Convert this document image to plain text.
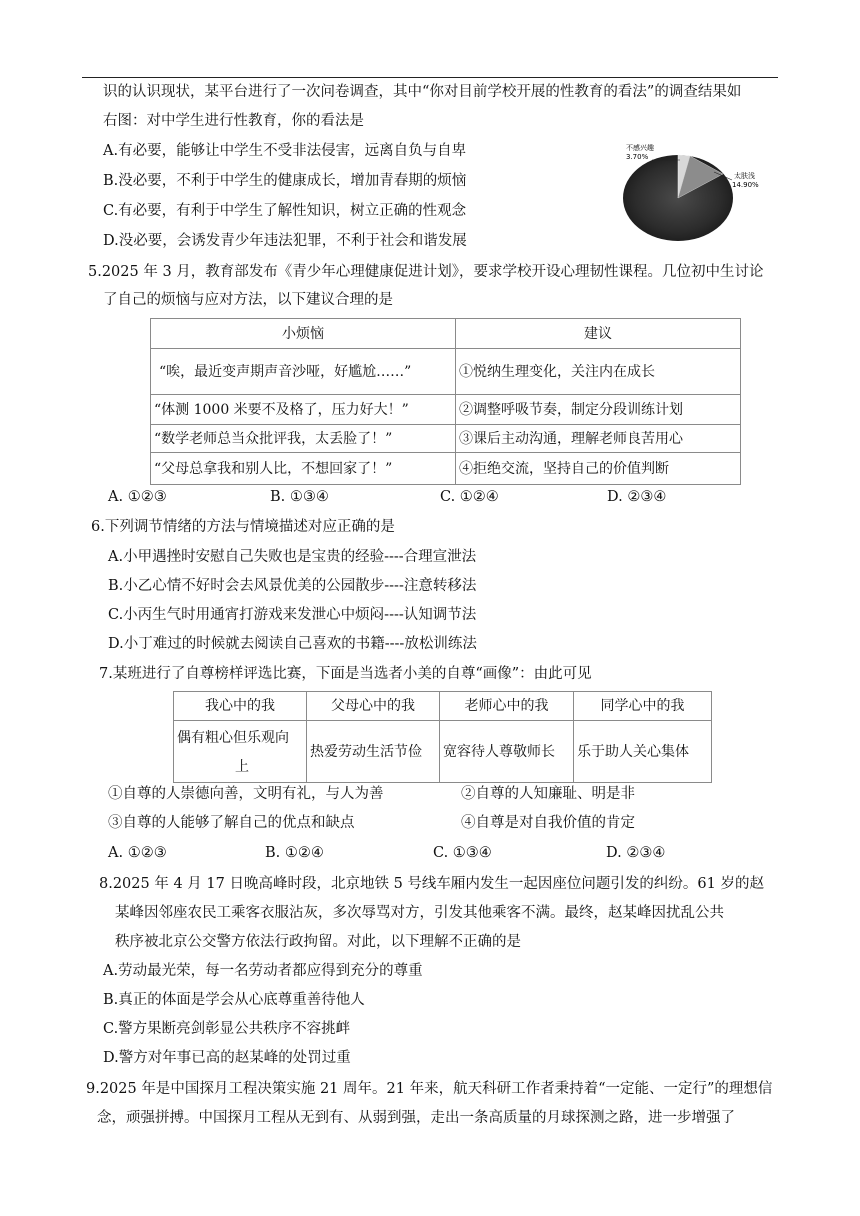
识的认识现状，某平台进行了一次问卷调查，其中“你对目前学校开展的性教育的看法”的调查结果如
右图：对中学生进行性教育，你的看法是
A.有必要，能够让中学生不受非法侵害，远离自负与自卑
B.没必要，不利于中学生的健康成长，增加青春期的烦恼
C.有必要，有利于中学生了解性知识，树立正确的性观念
D.没必要，会诱发青少年违法犯罪，不利于社会和谐发展
不感兴趣
3.70%
太肤浅
14.90%
5.2025 年 3 月，教育部发布《青少年心理健康促进计划》，要求学校开设心理韧性课程。几位初中生讨论
了自己的烦恼与应对方法，以下建议合理的是
小烦恼	建议
“唉，最近变声期声音沙哑，好尴尬……”	①悦纳生理变化，关注内在成长
“体测 1000 米要不及格了，压力好大！”	②调整呼吸节奏，制定分段训练计划
“数学老师总当众批评我，太丢脸了！”	③课后主动沟通，理解老师良苦用心
“父母总拿我和别人比，不想回家了！”	④拒绝交流，坚持自己的价值判断
A. ①②③	B. ①③④	C. ①②④	D. ②③④
6.下列调节情绪的方法与情境描述对应正确的是
A.小甲遇挫时安慰自己失败也是宝贵的经验----合理宣泄法
B.小乙心情不好时会去风景优美的公园散步----注意转移法
C.小丙生气时用通宵打游戏来发泄心中烦闷----认知调节法
D.小丁难过的时候就去阅读自己喜欢的书籍----放松训练法
7.某班进行了自尊榜样评选比赛，下面是当选者小美的自尊“画像”：由此可见
我心中的我	父母心中的我	老师心中的我	同学心中的我

偶有粗心但乐观向
上	热爱劳动生活节俭	宽容待人尊敬师长	乐于助人关心集体
①自尊的人崇德向善，文明有礼，与人为善	②自尊的人知廉耻、明是非
③自尊的人能够了解自己的优点和缺点	④自尊是对自我价值的肯定
A. ①②③	B. ①②④	C. ①③④	D. ②③④
8.2025 年 4 月 17 日晚高峰时段，北京地铁 5 号线车厢内发生一起因座位问题引发的纠纷。61 岁的赵
某峰因邻座农民工乘客衣服沾灰，多次辱骂对方，引发其他乘客不满。最终，赵某峰因扰乱公共
秩序被北京公交警方依法行政拘留。对此，以下理解不正确的是
A.劳动最光荣，每一名劳动者都应得到充分的尊重
B.真正的体面是学会从心底尊重善待他人
C.警方果断亮剑彰显公共秩序不容挑衅
D.警方对年事已高的赵某峰的处罚过重
9.2025 年是中国探月工程决策实施 21 周年。21 年来，航天科研工作者秉持着“一定能、一定行”的理想信
念，顽强拼搏。中国探月工程从无到有、从弱到强，走出一条高质量的月球探测之路，进一步增强了
